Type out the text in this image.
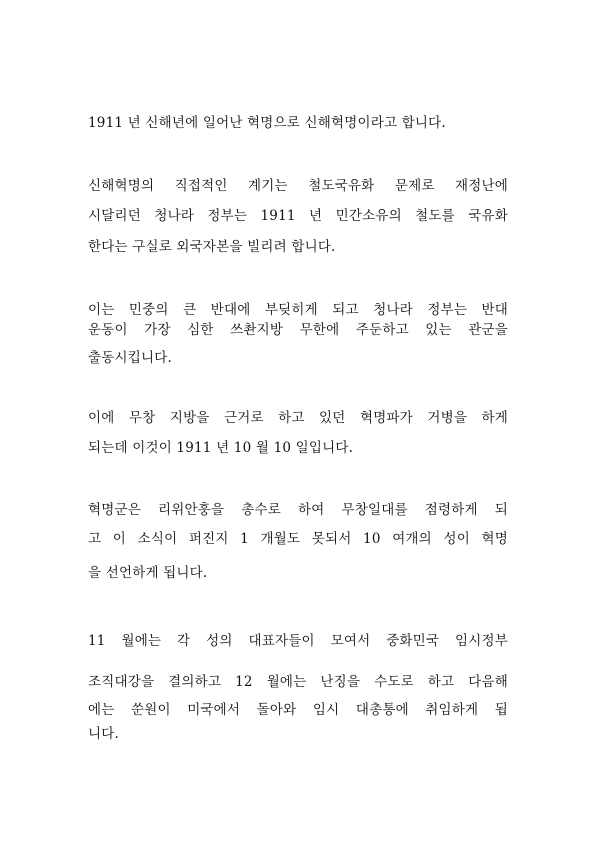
1911 년 신해년에 일어난 혁명으로 신해혁명이라고 합니다.
신해혁명의 직접적인 계기는 철도국유화 문제로 재정난에
시달리던 청나라 정부는 1911 년 민간소유의 철도를 국유화
한다는 구실로 외국자본을 빌리려 합니다.
이는 민중의 큰 반대에 부딪히게 되고 청나라 정부는 반대
운동이 가장 심한 쓰촨지방 무한에 주둔하고 있는 관군을
출동시킵니다.
이에 무창 지방을 근거로 하고 있던 혁명파가 거병을 하게
되는데 이것이 1911 년 10 월 10 일입니다.
혁명군은 리위안훙을 총수로 하여 무창일대를 점령하게 되
고 이 소식이 퍼진지 1 개월도 못되서 10 여개의 성이 혁명
을 선언하게 됩니다.
11 월에는 각 성의 대표자들이 모여서 중화민국 임시정부
조직대강을 결의하고 12 월에는 난징을 수도로 하고 다음해
에는 쑨원이 미국에서 돌아와 임시 대총통에 취임하게 됩
니다.
